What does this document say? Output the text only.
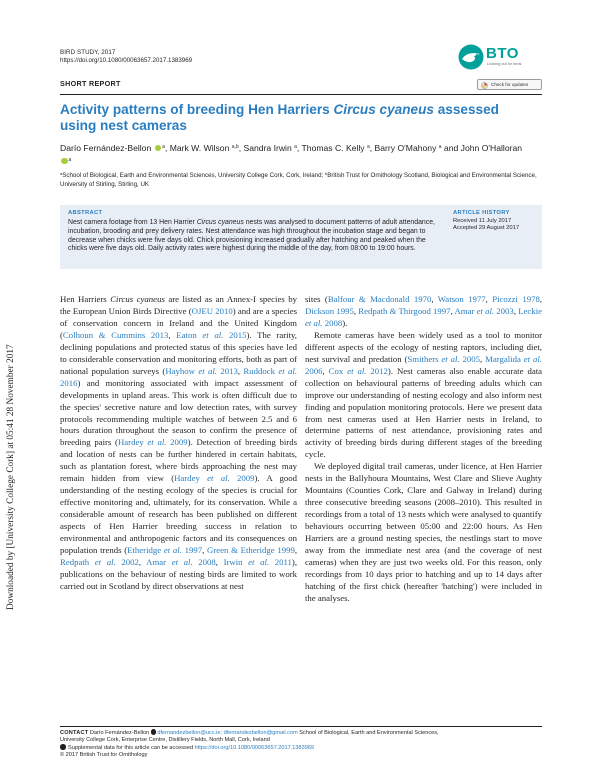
Downloaded by [University College Cork] at 05:41 28 November 2017
BIRD STUDY, 2017
https://doi.org/10.1080/00063657.2017.1383969	BTO
Looking out for birds
Check for updates
SHORT REPORT
Activity patterns of breeding Hen Harriers Circus cyaneus assessed using nest cameras
Darío Fernández-Bellon $^a$, Mark W. Wilson $^{a,b}$, Sandra Irwin $^a$, Thomas C. Kelly $^a$, Barry O'Mahony $^a$ and John O'Halloran $^a$
$^a$School of Biological, Earth and Environmental Sciences, University College Cork, Cork, Ireland; $^b$British Trust for Ornithology Scotland, Biological and Environmental Science, University of Stirling, Stirling, UK
ABSTRACT
Nest camera footage from 13 Hen Harrier Circus cyaneus nests was analysed to document patterns of adult attendance, incubation, brooding and prey delivery rates. Nest attendance was high throughout the incubation stage and began to decrease when chicks were five days old. Chick provisioning increased gradually after hatching and peaked when the chicks were five days old. Daily activity rates were highest during the middle of the day, from 08:00 to 19:00 hours.
ARTICLE HISTORY
Received 11 July 2017
Accepted 29 August 2017

Hen Harriers Circus cyaneus are listed as an Annex-I species by the European Union Birds Directive (OJEU 2010) and are a species of conservation concern in Ireland and the United Kingdom (Colhoun & Cummins 2013, Eaton et al. 2015). The rarity, declining populations and protected status of this species have led to considerable conservation and monitoring efforts, both as part of national population surveys (Hayhow et al. 2013, Ruddock et al. 2016) and monitoring associated with impact assessment of developments in upland areas. This work is often difficult due to the species' secretive nature and low detection rates, with survey protocols recommending multiple watches of between 2.5 and 6 hours duration throughout the season to confirm the presence of breeding pairs (Hardey et al. 2009). Detection of breeding birds and location of nests can be further hindered in certain habitats, such as plantation forest, where birds approaching the nest may remain hidden from view (Hardey et al. 2009). A good understanding of the nesting ecology of the species is crucial for effective monitoring and, ultimately, for its conservation. While a considerable amount of research has been published on different aspects of Hen Harrier breeding success in relation to environmental and anthropogenic factors and its consequences on population trends (Etheridge et al. 1997, Green & Etheridge 1999, Redpath et al. 2002, Amar et al. 2008, Irwin et al. 2011), publications on the behaviour of nesting birds are limited to work carried out in Scotland by direct observations at nest

sites (Balfour & Macdonald 1970, Watson 1977, Picozzi 1978, Dickson 1995, Redpath & Thirgood 1997, Amar et al. 2003, Leckie et al. 2008).

Remote cameras have been widely used as a tool to monitor different aspects of the ecology of nesting raptors, including diet, nest survival and predation (Smithers et al. 2005, Margalida et al. 2006, Cox et al. 2012). Nest cameras also enable accurate data collection on behavioural patterns of breeding adults which can improve our understanding of nesting ecology and also inform nest finding and population monitoring protocols. Here we present data from nest cameras used at Hen Harrier nests in Ireland, to determine patterns of nest attendance, provisioning rates and activity of breeding birds during different stages of the breeding cycle.

We deployed digital trail cameras, under licence, at Hen Harrier nests in the Ballyhoura Mountains, West Clare and Slieve Aughty Mountains (Counties Cork, Clare and Galway in Ireland) during three consecutive breeding seasons (2008–2010). This resulted in recordings from a total of 13 nests which were analysed to quantify behaviours occurring between 05:00 and 22:00 hours. As Hen Harriers are a ground nesting species, the nestlings start to move away from the immediate nest area (and the coverage of nest cameras) when they are just two weeks old. For this reason, only recordings from 10 days prior to hatching and up to 14 days after hatching of the first chick (hereafter 'hatching') were included in the analyses.

CONTACT Darío Fernández-Bellon dfernandezbellon@ucc.ie; dfernandezbellon@gmail.com School of Biological, Earth and Environmental Sciences,
University College Cork, Enterprise Centre, Distillery Fields, North Mall, Cork, Ireland
Supplemental data for this article can be accessed https://doi.org/10.1080/00063657.2017.1383969
© 2017 British Trust for Ornithology
